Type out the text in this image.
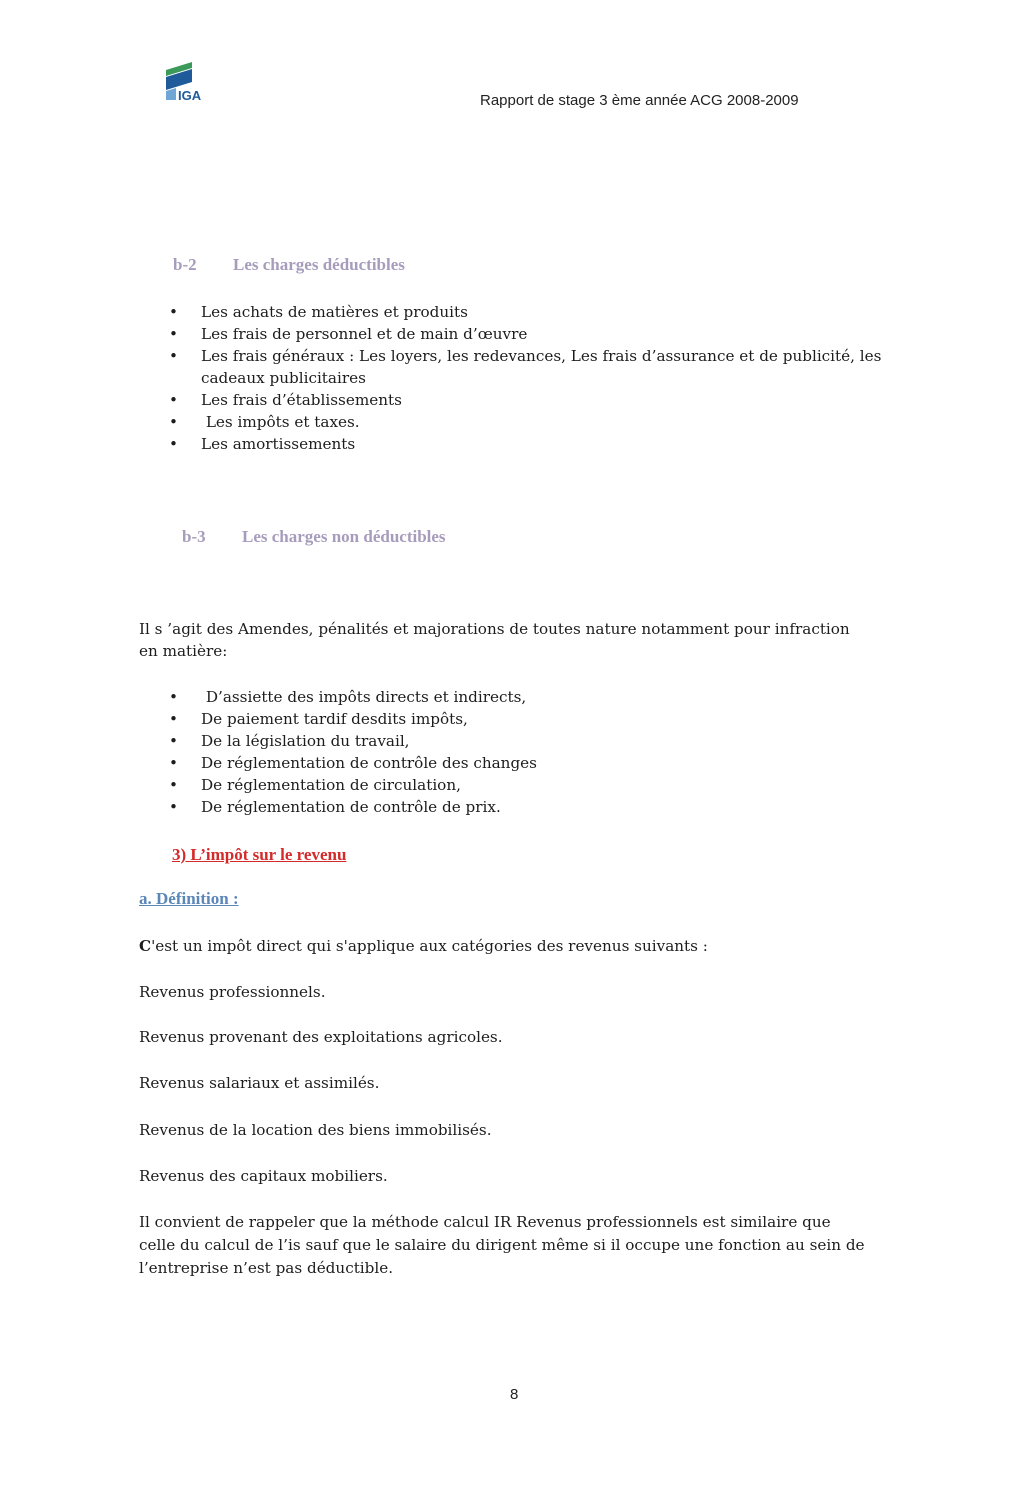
IGA	Rapport de stage 3 ème année ACG 2008-2009
b-2 Les charges déductibles
• Les achats de matières et produits
• Les frais de personnel et de main d’œuvre
• Les frais généraux : Les loyers, les redevances, Les frais d’assurance et de publicité, les
cadeaux publicitaires
• Les frais d’établissements
• Les impôts et taxes.
• Les amortissements
b-3 Les charges non déductibles
Il s ’agit des Amendes, pénalités et majorations de toutes nature notamment pour infraction
en matière:
• D’assiette des impôts directs et indirects,
• De paiement tardif desdits impôts,
• De la législation du travail,
• De réglementation de contrôle des changes
• De réglementation de circulation,
• De réglementation de contrôle de prix.
3) L’impôt sur le revenu
a. Définition :
C'est un impôt direct qui s'applique aux catégories des revenus suivants :
Revenus professionnels.
Revenus provenant des exploitations agricoles.
Revenus salariaux et assimilés.
Revenus de la location des biens immobilisés.
Revenus des capitaux mobiliers.
Il convient de rappeler que la méthode calcul IR Revenus professionnels est similaire que
celle du calcul de l’is sauf que le salaire du dirigent même si il occupe une fonction au sein de
l’entreprise n’est pas déductible.
8
